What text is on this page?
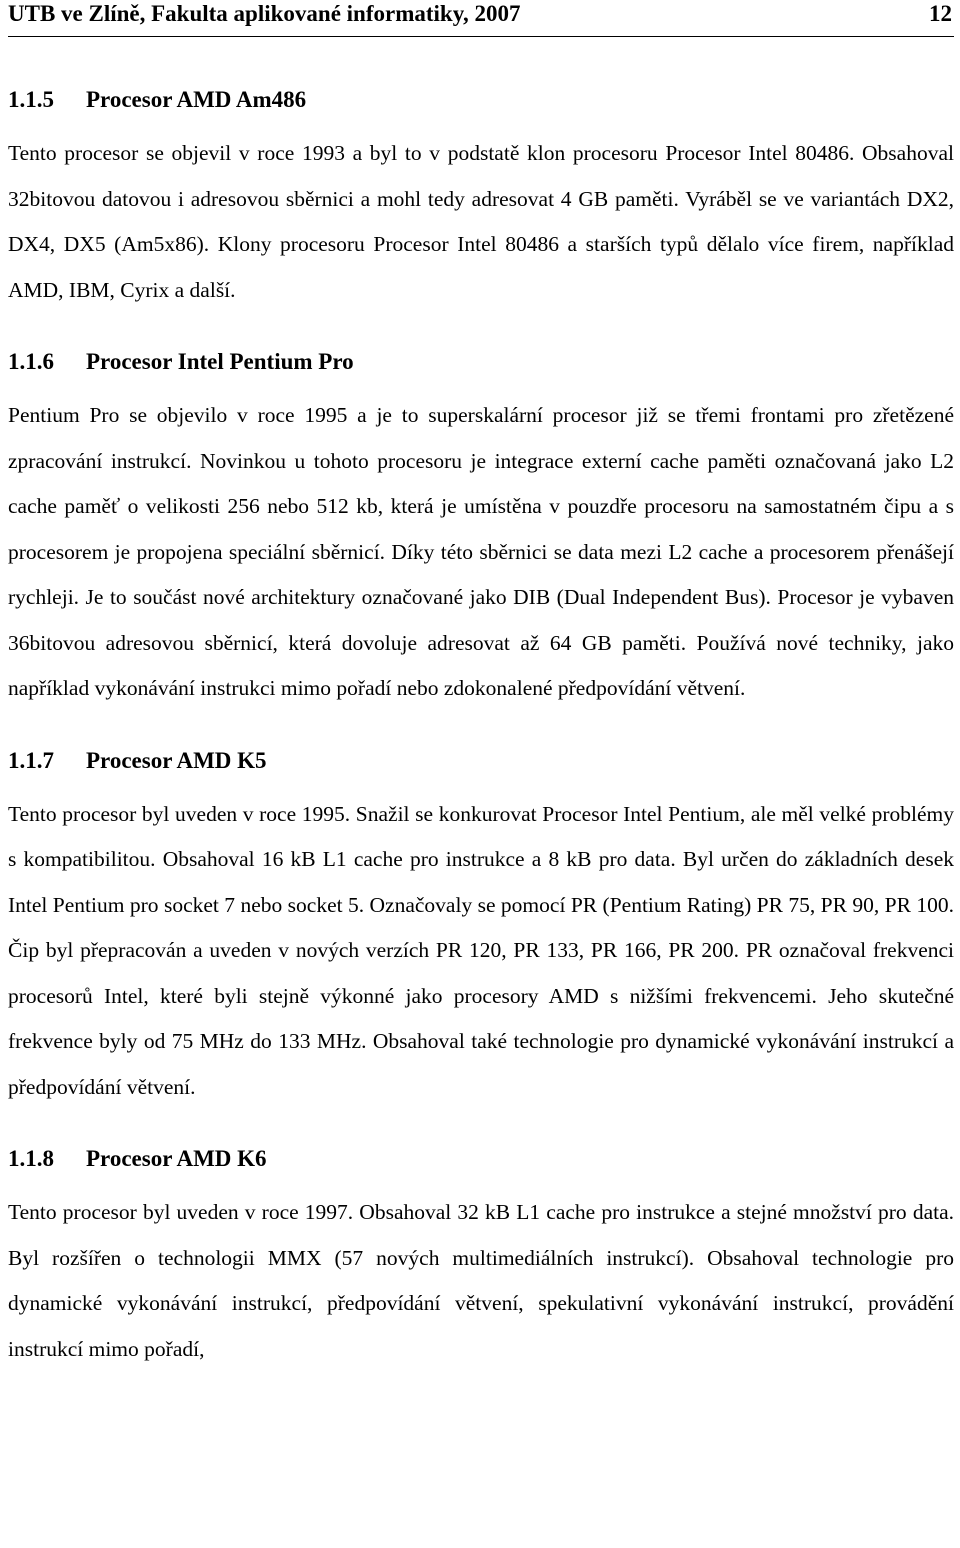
UTB ve Zlíně, Fakulta aplikované informatiky, 2007	12
1.1.5 Procesor AMD Am486

Tento procesor se objevil v roce 1993 a byl to v podstatě klon procesoru Procesor Intel 80486. Obsahoval 32bitovou datovou i adresovou sběrnici a mohl tedy adresovat 4 GB paměti. Vyráběl se ve variantách DX2, DX4, DX5 (Am5x86). Klony procesoru Procesor Intel 80486 a starších typů dělalo více firem, například AMD, IBM, Cyrix a další.

1.1.6 Procesor Intel Pentium Pro

Pentium Pro se objevilo v roce 1995 a je to superskalární procesor již se třemi frontami pro zřetězené zpracování instrukcí. Novinkou u tohoto procesoru je integrace externí cache paměti označovaná jako L2 cache paměť o velikosti 256 nebo 512 kb, která je umístěna v pouzdře procesoru na samostatném čipu a s procesorem je propojena speciální sběrnicí. Díky této sběrnici se data mezi L2 cache a procesorem přenášejí rychleji. Je to součást nové architektury označované jako DIB (Dual Independent Bus). Procesor je vybaven 36bitovou adresovou sběrnicí, která dovoluje adresovat až 64 GB paměti. Používá nové techniky, jako například vykonávání instrukci mimo pořadí nebo zdokonalené předpovídání větvení.

1.1.7 Procesor AMD K5

Tento procesor byl uveden v roce 1995. Snažil se konkurovat Procesor Intel Pentium, ale měl velké problémy s kompatibilitou. Obsahoval 16 kB L1 cache pro instrukce a 8 kB pro data. Byl určen do základních desek Intel Pentium pro socket 7 nebo socket 5. Označovaly se pomocí PR (Pentium Rating) PR 75, PR 90, PR 100. Čip byl přepracován a uveden v nových verzích PR 120, PR 133, PR 166, PR 200. PR označoval frekvenci procesorů Intel, které byli stejně výkonné jako procesory AMD s nižšími frekvencemi. Jeho skutečné frekvence byly od 75 MHz do 133 MHz. Obsahoval také technologie pro dynamické vykonávání instrukcí a předpovídání větvení.

1.1.8 Procesor AMD K6

Tento procesor byl uveden v roce 1997. Obsahoval 32 kB L1 cache pro instrukce a stejné množství pro data. Byl rozšířen o technologii MMX (57 nových multimediálních instrukcí). Obsahoval technologie pro dynamické vykonávání instrukcí, předpovídání větvení, spekulativní vykonávání instrukcí, provádění instrukcí mimo pořadí,
